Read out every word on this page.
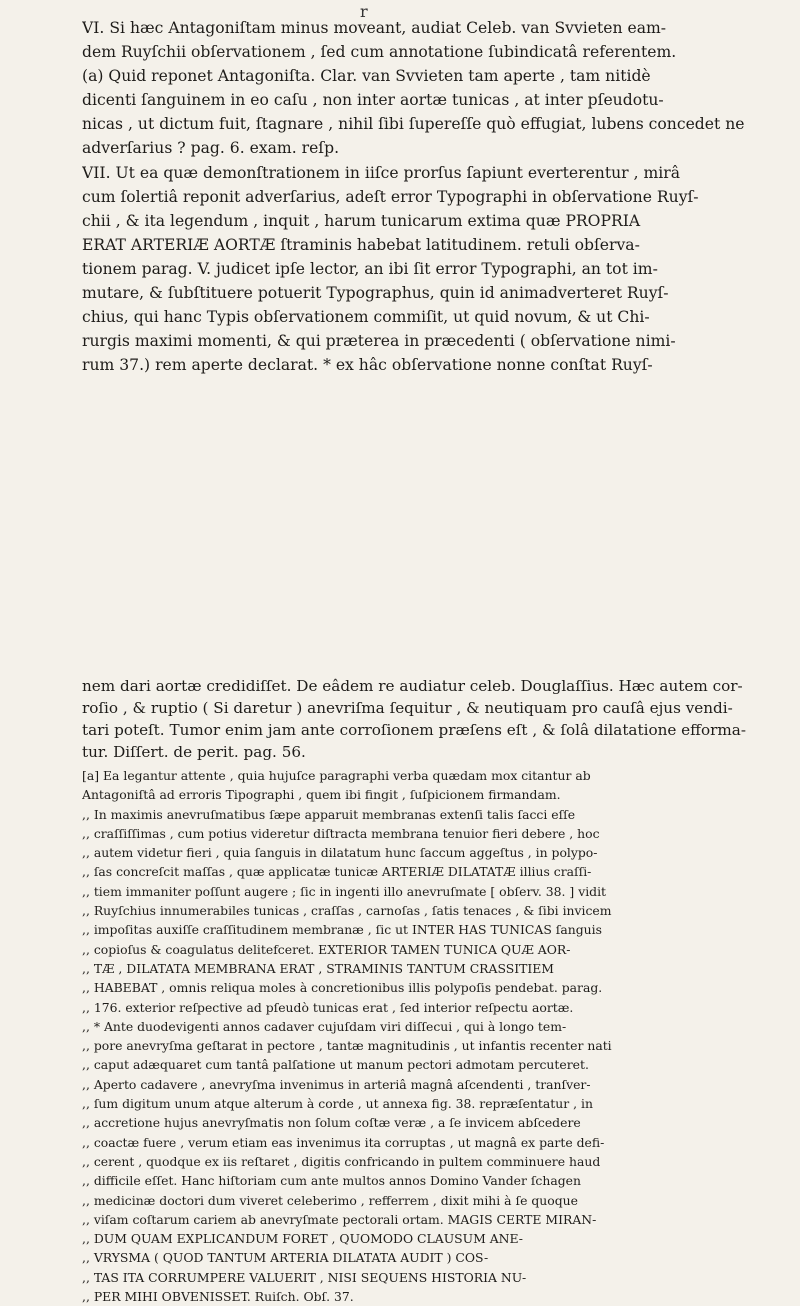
r

VI. Si hæc Antagoniſtam minus moveant, audiat Celeb. van Svvieten eam-

dem Ruyſchii obſervationem , ſed cum annotatione ſubindicatâ referentem.

(a) Quid reponet Antagoniſta. Clar. van Svvieten tam aperte , tam nitidè

dicenti ſanguinem in eo caſu , non inter aortæ tunicas , at inter pſeudotu-

nicas , ut dictum fuit, ſtagnare , nihil ſibi ſupereſſe quò effugiat, lubens concedet ne

adverſarius ? pag. 6. exam. reſp.

VII. Ut ea quæ demonſtrationem in iiſce prorſus ſapiunt everterentur , mirâ

cum ſolertiâ reponit adverſarius, adeſt error Typographi in obſervatione Ruyſ-

chii , & ita legendum , inquit , harum tunicarum extima quæ PROPRIA

ERAT ARTERIÆ AORTÆ ſtraminis habebat latitudinem. retuli obſerva-

tionem parag. V. judicet ipſe lector, an ibi ſit error Typographi, an tot im-

mutare, & ſubſtituere potuerit Typographus, quin id animadverteret Ruyſ-

chius, qui hanc Typis obſervationem commiſit, ut quid novum, & ut Chi-

rurgis maximi momenti, & qui præterea in præcedenti ( obſervatione nimi-

rum 37.) rem aperte declarat. * ex hâc obſervatione nonne conſtat Ruyſ-

nem dari aortæ credidiſſet. De eâdem re audiatur celeb. Douglaſſius. Hæc autem cor-

roſio , & ruptio ( Si daretur ) anevriſma ſequitur , & neutiquam pro cauſâ ejus vendi-

tari poteſt. Tumor enim jam ante corroſionem præſens eſt , & ſolâ dilatatione efforma-

tur. Diſſert. de perit. pag. 56.

[a] Ea legantur attente , quia hujuſce paragraphi verba quædam mox citantur ab

Antagoniſtâ ad erroris Tipographi , quem ibi fingit , ſuſpicionem firmandam.

,, In maximis anevruſmatibus ſæpe apparuit membranas extenſi talis ſacci eſſe

,, craſſiſſimas , cum potius videretur diſtracta membrana tenuior fieri debere , hoc

,, autem videtur fieri , quia ſanguis in dilatatum hunc ſaccum aggeſtus , in polypo-

,, ſas concreſcit maſſas , quæ applicatæ tunicæ ARTERIÆ DILATATÆ illius craſſi-

,, tiem immaniter poſſunt augere ; ſic in ingenti illo anevruſmate [ obſerv. 38. ] vidit

,, Ruyſchius innumerabiles tunicas , craſſas , carnoſas , ſatis tenaces , & ſibi invicem

,, impoſitas auxiſſe craſſitudinem membranæ , ſic ut INTER HAS TUNICAS ſanguis

,, copioſus & coagulatus delitefceret. EXTERIOR TAMEN TUNICA QUÆ AOR-

,, TÆ , DILATATA MEMBRANA ERAT , STRAMINIS TANTUM CRASSITIEM

,, HABEBAT , omnis reliqua moles à concretionibus illis polypoſis pendebat. parag.

,, 176. exterior reſpective ad pſeudò tunicas erat , ſed interior reſpectu aortæ.

,, * Ante duodevigenti annos cadaver cujuſdam viri diſſecui , qui à longo tem-

,, pore anevryſma geſtarat in pectore , tantæ magnitudinis , ut infantis recenter nati

,, caput adæquaret cum tantâ palſatione ut manum pectori admotam percuteret.

,, Aperto cadavere , anevryſma invenimus in arteriâ magnâ aſcendenti , tranſver-

,, ſum digitum unum atque alterum à corde , ut annexa fig. 38. repræſentatur , in

,, accretione hujus anevryſmatis non ſolum coſtæ veræ , a ſe invicem abſcedere

,, coactæ fuere , verum etiam eas invenimus ita corruptas , ut magnâ ex parte defi-

,, cerent , quodque ex iis reſtaret , digitis confricando in pultem comminuere haud

,, difficile eſſet. Hanc hiſtoriam cum ante multos annos Domino Vander ſchagen

,, medicinæ doctori dum viveret celeberimo , refferrem , dixit mihi à ſe quoque

,, viſam coſtarum cariem ab anevryſmate pectorali ortam. MAGIS CERTE MIRAN-

,, DUM QUAM EXPLICANDUM FORET , QUOMODO CLAUSUM ANE-

,, VRYSMA ( QUOD TANTUM ARTERIA DILATATA AUDIT ) COS-

,, TAS ITA CORRUMPERE VALUERIT , NISI SEQUENS HISTORIA NU-

,, PER MIHI OBVENISSET. Ruiſch. Obſ. 37.
